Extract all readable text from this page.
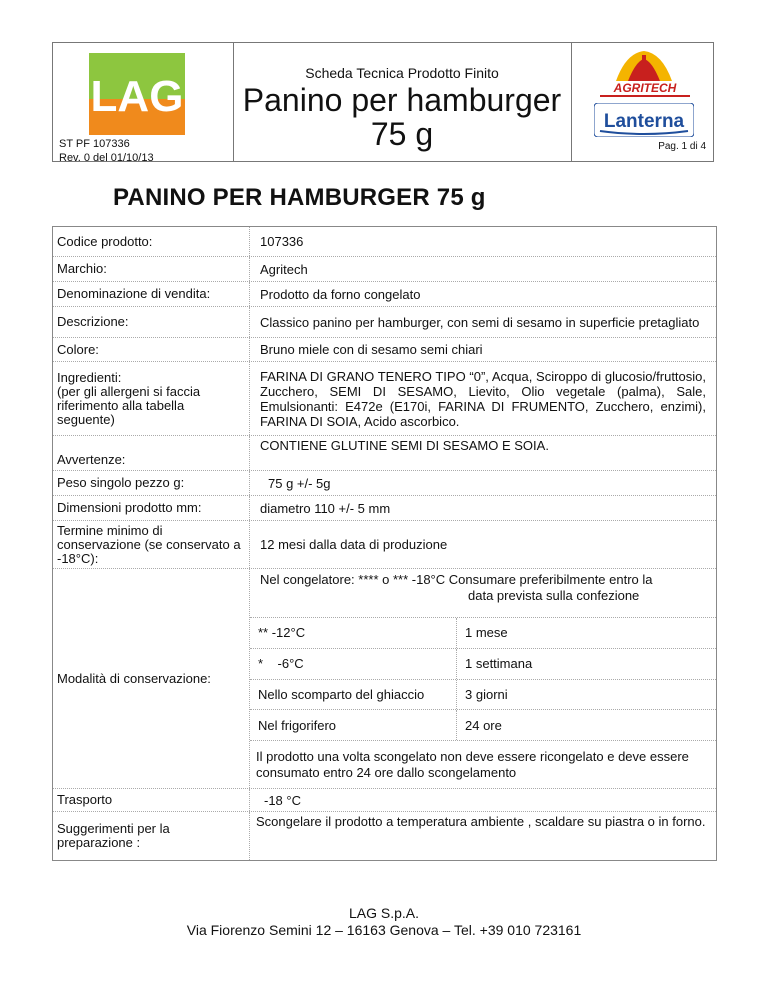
LAG
ST PF 107336
Rev. 0 del 01/10/13
Scheda Tecnica Prodotto Finito
Panino per hamburger
75 g
AGRITECH
Lanterna
Pag. 1 di 4
PANINO PER HAMBURGER 75 g
Codice prodotto:	107336
Marchio:	Agritech
Denominazione di vendita:	Prodotto da forno congelato
Descrizione:	Classico panino per hamburger, con semi di sesamo in superficie pretagliato
Colore:	Bruno miele con di sesamo semi chiari
Ingredienti:
(per gli allergeni si faccia riferimento alla tabella seguente)
FARINA DI GRANO TENERO TIPO “0”, Acqua, Sciroppo di glucosio/fruttosio, Zucchero, SEMI DI SESAMO, Lievito, Olio vegetale (palma), Sale, Emulsionanti: E472e (E170i, FARINA DI FRUMENTO, Zucchero, enzimi), FARINA DI SOIA, Acido ascorbico.
Avvertenze:
CONTIENE GLUTINE SEMI DI SESAMO E SOIA.
Peso singolo pezzo g:	75 g +/- 5g
Dimensioni prodotto mm:	diametro 110 +/- 5 mm
Termine minimo di conservazione (se conservato a -18°C):
12 mesi dalla data di produzione
Modalità di conservazione:
Nel congelatore: **** o *** -18°C Consumare preferibilmente entro la
data prevista sulla confezione
** -12°C	1 mese
*    -6°C	1 settimana
Nello scomparto del ghiaccio	3 giorni
Nel frigorifero	24 ore
Il prodotto una volta scongelato non deve essere ricongelato e deve essere consumato entro 24 ore dallo scongelamento
Trasporto	-18 °C
Suggerimenti per la preparazione :
Scongelare il prodotto a temperatura ambiente , scaldare su piastra o in forno.
LAG S.p.A.
Via Fiorenzo Semini 12 – 16163 Genova – Tel. +39 010 723161
